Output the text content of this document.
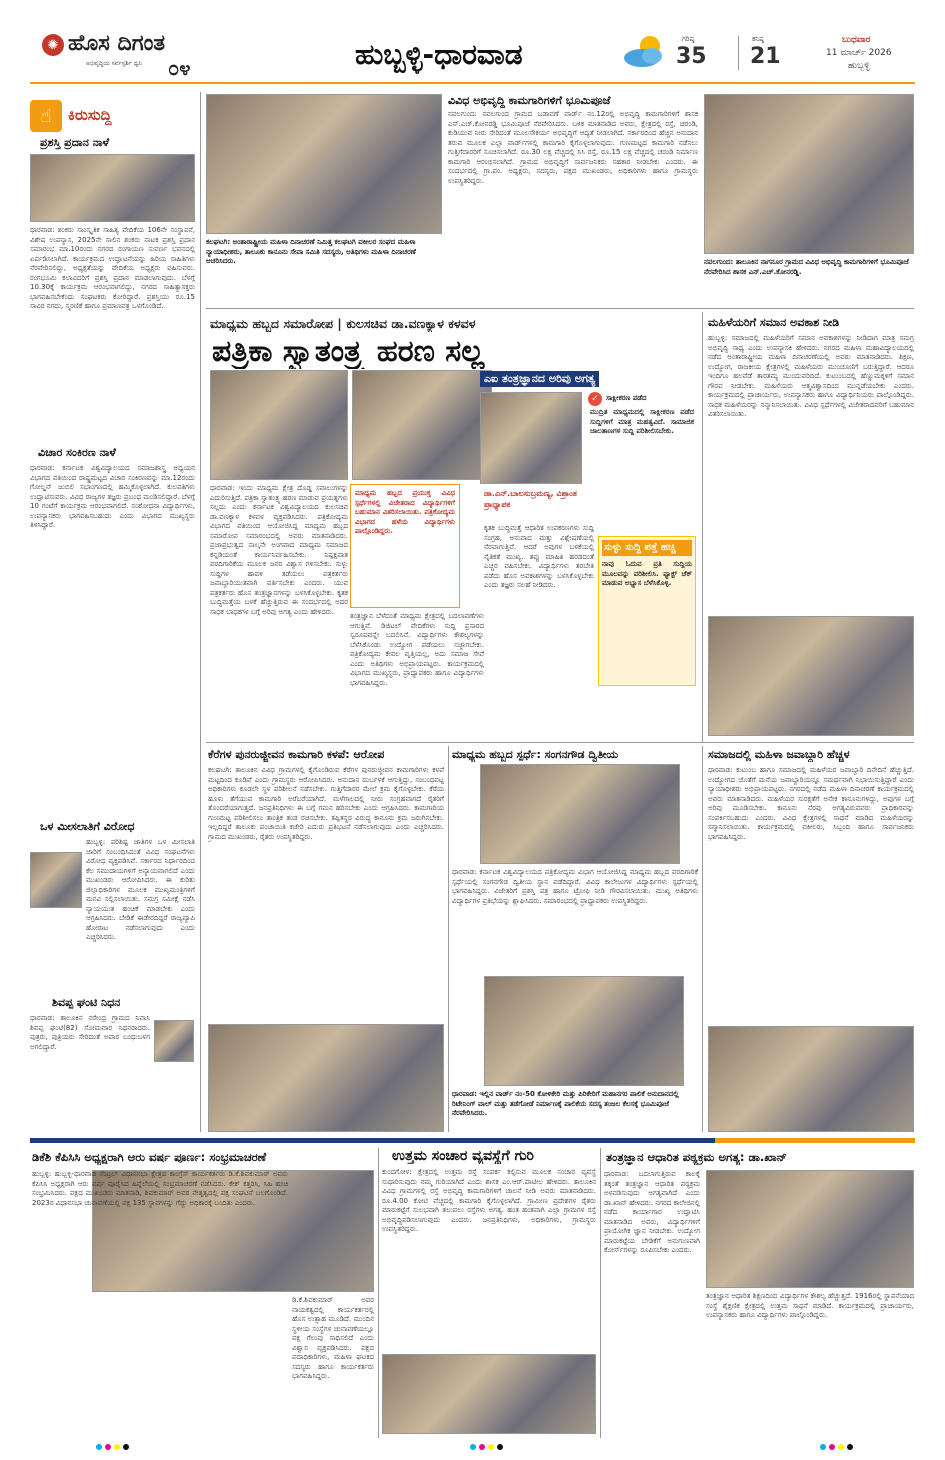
✺ ಹೊಸ ದಿಗಂತ
ಅಭಿವೃದ್ಧಿಯ ಸರ್ವಸ್ಪರ್ಶಿ ಧ್ವನಿ ೦೪	ಹುಬ್ಬಳ್ಳಿ-ಧಾರವಾಡ	ಗರಿಷ್ಠ
35
ಕನಿಷ್ಠ
21
ಬುಧವಾರ
11 ಮಾರ್ಚ್ 2026
ಹುಬ್ಬಳ್ಳಿ
☝	ಕಿರುಸುದ್ದಿ
ಪ್ರಶಸ್ತಿ ಪ್ರದಾನ ನಾಳೆ
ಧಾರವಾಡ: ಶಂಕರು ಸಾಂಸ್ಕೃತಿಕ ಸಾಹಿತ್ಯ ವೇದಿಕೆಯ 106ನೇ ಸಂಸ್ಥಾಪನೆ, ವಿಶೇಷ ಉಪನ್ಯಾಸ, 2025ನೇ ಸಾಲಿನ ಶಂಕರು ನಾಟಕ ಪ್ರಶಸ್ತಿ ಪ್ರದಾನ ಸಮಾರಂಭ ಮಾ.10ರಂದು ನಗರದ ರಂಗಾಯಣ ಸುವರ್ಣ ಭವನದಲ್ಲಿ ಏರ್ಪಡಿಸಲಾಗಿದೆ. ಕಾರ್ಯಕ್ರಮದ ಉದ್ಘಾಟನೆಯನ್ನು ಹಿರಿಯ ಸಾಹಿತಿಗಳು ನೆರವೇರಿಸಲಿದ್ದು, ಅಧ್ಯಕ್ಷತೆಯನ್ನು ವೇದಿಕೆಯ ಅಧ್ಯಕ್ಷರು ವಹಿಸುವರು. ರಂಗಭೂಮಿ ಕಲಾವಿದರಿಗೆ ಪ್ರಶಸ್ತಿ ಪ್ರದಾನ ಮಾಡಲಾಗುವುದು. ಬೆಳಗ್ಗೆ 10.30ಕ್ಕೆ ಕಾರ್ಯಕ್ರಮ ಆರಂಭವಾಗಲಿದ್ದು, ನಗರದ ಸಾಹಿತ್ಯಾಸಕ್ತರು ಭಾಗವಹಿಸಬೇಕೆಂದು ಸಂಘಟಕರು ಕೋರಿದ್ದಾರೆ. ಪ್ರಶಸ್ತಿಯು ರೂ.15 ಸಾವಿರ ನಗದು, ಸ್ಮರಣಿಕೆ ಹಾಗೂ ಪ್ರಮಾಣಪತ್ರ ಒಳಗೊಂಡಿದೆ.
ವಿಚಾರ ಸಂಕಿರಣ ನಾಳೆ
ಧಾರವಾಡ: ಕರ್ನಾಟಕ ವಿಶ್ವವಿದ್ಯಾಲಯದ ಸಮಾಜಶಾಸ್ತ್ರ ಅಧ್ಯಯನ ವಿಭಾಗದ ವತಿಯಿಂದ ರಾಷ್ಟ್ರಮಟ್ಟದ ವಿಚಾರ ಸಂಕಿರಣವನ್ನು ಮಾ.12ರಂದು ಗೋಲ್ಡನ್ ಜುಬಿಲಿ ಸಭಾಂಗಣದಲ್ಲಿ ಹಮ್ಮಿಕೊಳ್ಳಲಾಗಿದೆ. ಕುಲಪತಿಗಳು ಉದ್ಘಾಟಿಸುವರು. ವಿವಿಧ ರಾಜ್ಯಗಳ ತಜ್ಞರು ಪ್ರಬಂಧ ಮಂಡಿಸಲಿದ್ದಾರೆ. ಬೆಳಗ್ಗೆ 10 ಗಂಟೆಗೆ ಕಾರ್ಯಕ್ರಮ ಆರಂಭವಾಗಲಿದೆ. ಸಂಶೋಧನಾ ವಿದ್ಯಾರ್ಥಿಗಳು, ಉಪನ್ಯಾಸಕರು ಭಾಗವಹಿಸಬಹುದು ಎಂದು ವಿಭಾಗದ ಮುಖ್ಯಸ್ಥರು ತಿಳಿಸಿದ್ದಾರೆ.
ಒಳ ಮೀಸಲಾತಿಗೆ ವಿರೋಧ
ಹುಬ್ಬಳ್ಳಿ: ಪರಿಶಿಷ್ಟ ಜಾತಿಗಳ ಒಳ ಮೀಸಲಾತಿ ಜಾರಿಗೆ ಸಂಬಂಧಿಸಿದಂತೆ ವಿವಿಧ ಸಂಘಟನೆಗಳು ವಿರೋಧ ವ್ಯಕ್ತಪಡಿಸಿವೆ. ಸರ್ಕಾರದ ನಿರ್ಧಾರದಿಂದ ಕೆಲ ಸಮುದಾಯಗಳಿಗೆ ಅನ್ಯಾಯವಾಗಲಿದೆ ಎಂದು ಮುಖಂಡರು ಆರೋಪಿಸಿದರು. ಈ ಕುರಿತು ಜಿಲ್ಲಾಧಿಕಾರಿಗಳ ಮೂಲಕ ಮುಖ್ಯಮಂತ್ರಿಗಳಿಗೆ ಮನವಿ ಸಲ್ಲಿಸಲಾಯಿತು. ಸಮಗ್ರ ಸಮೀಕ್ಷೆ ನಡೆಸಿ ನ್ಯಾಯಯುತ ಹಂಚಿಕೆ ಮಾಡಬೇಕು ಎಂದು ಆಗ್ರಹಿಸಿದರು. ಬೇಡಿಕೆ ಈಡೇರದಿದ್ದರೆ ರಾಜ್ಯವ್ಯಾಪಿ ಹೋರಾಟ ನಡೆಸಲಾಗುವುದು ಎಂದು ಎಚ್ಚರಿಸಿದರು.
ಶಿವಪ್ಪ ಘಂಟಿ ನಿಧನ
ಧಾರವಾಡ: ತಾಲೂಕಿನ ನರೇಂದ್ರ ಗ್ರಾಮದ ನಿವಾಸಿ ಶಿವಪ್ಪ ಘಂಟಿ(82) ಸೋಮವಾರ ನಿಧನರಾದರು. ಪುತ್ರರು, ಪುತ್ರಿಯರು ಸೇರಿದಂತೆ ಅಪಾರ ಬಂಧುಬಳಗ ಅಗಲಿದ್ದಾರೆ.
ಕಲಘಟಗಿ: ಅಂತಾರಾಷ್ಟ್ರೀಯ ಮಹಿಳಾ ದಿನಾಚರಣೆ ನಿಮಿತ್ತ ಕಲಘಟಗಿ ವಕೀಲರ ಸಂಘದ ಮಹಿಳಾ ನ್ಯಾಯಾಧೀಶರು, ತಾಲೂಕು ಕಾನೂನು ಸೇವಾ ಸಮಿತಿ ಸದಸ್ಯರು, ಅತಿಥಿಗಳು ಮಹಿಳಾ ದಿನಾಚರಣೆ ಆಚರಿಸಿದರು.
ವಿವಿಧ ಅಭಿವೃದ್ಧಿ ಕಾಮಗಾರಿಗಳಿಗೆ ಭೂಮಿಪೂಜೆ
ನವಲಗುಂದ: ನವಲಗುಂದ ಗ್ರಾಮದ ಬಡಾವಣೆ ವಾರ್ಡ್ ನಂ.12ರಲ್ಲಿ ಅಭಿವೃದ್ಧಿ ಕಾಮಗಾರಿಗಳಿಗೆ ಶಾಸಕ ಎನ್.ಎಚ್.ಕೋನರಡ್ಡಿ ಭೂಮಿಪೂಜೆ ನೆರವೇರಿಸಿದರು. ಬಳಿಕ ಮಾತನಾಡಿದ ಅವರು, ಕ್ಷೇತ್ರದಲ್ಲಿ ರಸ್ತೆ, ಚರಂಡಿ, ಕುಡಿಯುವ ನೀರು ಸೇರಿದಂತೆ ಮೂಲಸೌಕರ್ಯ ಅಭಿವೃದ್ಧಿಗೆ ಆದ್ಯತೆ ನೀಡಲಾಗಿದೆ. ಸರ್ಕಾರದಿಂದ ಹೆಚ್ಚಿನ ಅನುದಾನ ತರುವ ಮೂಲಕ ಎಲ್ಲಾ ವಾರ್ಡ್‌ಗಳಲ್ಲಿ ಕಾಮಗಾರಿ ಕೈಗೊಳ್ಳಲಾಗುವುದು. ಗುಣಮಟ್ಟದ ಕಾಮಗಾರಿ ನಡೆಸಲು ಗುತ್ತಿಗೆದಾರರಿಗೆ ಸೂಚಿಸಲಾಗಿದೆ. ರೂ.30 ಲಕ್ಷ ವೆಚ್ಚದಲ್ಲಿ ಸಿಸಿ ರಸ್ತೆ, ರೂ.15 ಲಕ್ಷ ವೆಚ್ಚದಲ್ಲಿ ಚರಂಡಿ ನಿರ್ಮಾಣ ಕಾಮಗಾರಿ ಆರಂಭಿಸಲಾಗಿದೆ. ಗ್ರಾಮದ ಅಭಿವೃದ್ಧಿಗೆ ಸಾರ್ವಜನಿಕರು ಸಹಕಾರ ನೀಡಬೇಕು ಎಂದರು. ಈ ಸಂದರ್ಭದಲ್ಲಿ ಗ್ರಾ.ಪಂ. ಅಧ್ಯಕ್ಷರು, ಸದಸ್ಯರು, ಪಕ್ಷದ ಮುಖಂಡರು, ಅಧಿಕಾರಿಗಳು ಹಾಗೂ ಗ್ರಾಮಸ್ಥರು ಉಪಸ್ಥಿತರಿದ್ದರು.
ನವಲಗುಂದ: ತಾಲೂಕಿನ ನಾಗನೂರ ಗ್ರಾಮದ ವಿವಿಧ ಅಭಿವೃದ್ಧಿ ಕಾಮಗಾರಿಗಳಿಗೆ ಭೂಮಿಪೂಜೆ ನೆರವೇರಿಸಿದ ಶಾಸಕ ಎನ್.ಎಚ್.ಕೋನರಡ್ಡಿ.
ಮಾಧ್ಯಮ ಹಬ್ಬದ ಸಮಾರೋಪ | ಕುಲಸಚಿವ ಡಾ.ವಣಕ್ಯಾಳ ಕಳವಳ
ಪತ್ರಿಕಾ ಸ್ವಾತಂತ್ರ್ಯ ಹರಣ ಸಲ್ಲ
ಧಾರವಾಡ: ಇಂದು ಮಾಧ್ಯಮ ಕ್ಷೇತ್ರ ದೊಡ್ಡ ಸವಾಲುಗಳನ್ನು ಎದುರಿಸುತ್ತಿದೆ. ಪತ್ರಿಕಾ ಸ್ವಾತಂತ್ರ್ಯ ಹರಣ ಮಾಡುವ ಪ್ರಯತ್ನಗಳು ಸಲ್ಲದು ಎಂದು ಕರ್ನಾಟಕ ವಿಶ್ವವಿದ್ಯಾಲಯದ ಕುಲಸಚಿವ ಡಾ.ವಣಕ್ಯಾಳ ಕಳವಳ ವ್ಯಕ್ತಪಡಿಸಿದರು. ಪತ್ರಿಕೋದ್ಯಮ ವಿಭಾಗದ ವತಿಯಿಂದ ಆಯೋಜಿಸಿದ್ದ ಮಾಧ್ಯಮ ಹಬ್ಬದ ಸಮಾರೋಪ ಸಮಾರಂಭದಲ್ಲಿ ಅವರು ಮಾತನಾಡಿದರು. ಪ್ರಜಾಪ್ರಭುತ್ವದ ನಾಲ್ಕನೇ ಅಂಗವಾದ ಮಾಧ್ಯಮ ಸಮಾಜದ ಕನ್ನಡಿಯಂತೆ ಕಾರ್ಯನಿರ್ವಹಿಸಬೇಕು. ನಿಷ್ಪಕ್ಷಪಾತ ವರದಿಗಾರಿಕೆಯ ಮೂಲಕ ಜನರ ವಿಶ್ವಾಸ ಗಳಿಸಬೇಕು. ಸುಳ್ಳು ಸುದ್ದಿಗಳ ಹಾವಳಿ ತಡೆಯಲು ಪತ್ರಕರ್ತರು ಜವಾಬ್ದಾರಿಯುತವಾಗಿ ವರ್ತಿಸಬೇಕು ಎಂದರು. ಯುವ ಪತ್ರಕರ್ತರು ಹೊಸ ತಂತ್ರಜ್ಞಾನಗಳನ್ನು ಬಳಸಿಕೊಳ್ಳಬೇಕು. ಕೃತಕ ಬುದ್ಧಿಮತ್ತೆಯ ಬಳಕೆ ಹೆಚ್ಚುತ್ತಿರುವ ಈ ಸಂದರ್ಭದಲ್ಲಿ ಅದರ ಸಾಧಕ ಬಾಧಕಗಳ ಬಗ್ಗೆ ಅರಿವು ಅಗತ್ಯ ಎಂದು ಹೇಳಿದರು.
ಮಾಧ್ಯಮ ಹಬ್ಬದ ಪ್ರಯುಕ್ತ ವಿವಿಧ ಸ್ಪರ್ಧೆಗಳಲ್ಲಿ ವಿಜೇತರಾದ ವಿದ್ಯಾರ್ಥಿಗಳಿಗೆ ಬಹುಮಾನ ವಿತರಿಸಲಾಯಿತು. ಪತ್ರಿಕೋದ್ಯಮ ವಿಭಾಗದ ಹಳೆಯ ವಿದ್ಯಾರ್ಥಿಗಳು ಪಾಲ್ಗೊಂಡಿದ್ದರು.
ತಂತ್ರಜ್ಞಾನ ಬೆಳೆದಂತೆ ಮಾಧ್ಯಮ ಕ್ಷೇತ್ರದಲ್ಲಿ ಬದಲಾವಣೆಗಳು ಆಗುತ್ತಿವೆ. ಡಿಜಿಟಲ್ ವೇದಿಕೆಗಳು ಸುದ್ದಿ ಪ್ರಸಾರದ ಸ್ವರೂಪವನ್ನೇ ಬದಲಿಸಿವೆ. ವಿದ್ಯಾರ್ಥಿಗಳು ಕೌಶಲ್ಯಗಳನ್ನು ಬೆಳೆಸಿಕೊಂಡು ಉದ್ಯೋಗ ಪಡೆಯಲು ಸಜ್ಜಾಗಬೇಕು. ಪತ್ರಿಕೋದ್ಯಮ ಕೇವಲ ವೃತ್ತಿಯಲ್ಲ, ಅದು ಸಮಾಜ ಸೇವೆ ಎಂದು ಅತಿಥಿಗಳು ಅಭಿಪ್ರಾಯಪಟ್ಟರು. ಕಾರ್ಯಕ್ರಮದಲ್ಲಿ ವಿಭಾಗದ ಮುಖ್ಯಸ್ಥರು, ಪ್ರಾಧ್ಯಾಪಕರು ಹಾಗೂ ವಿದ್ಯಾರ್ಥಿಗಳು ಭಾಗವಹಿಸಿದ್ದರು.
ಎಐ ತಂತ್ರಜ್ಞಾನದ ಅರಿವು ಅಗತ್ಯ
✓	ಸಾಕ್ಷೀಕರಣ ಪಡೆದ
ಮುದ್ರಿತ ಮಾಧ್ಯಮದಲ್ಲಿ ಸಾಕ್ಷೀಕರಣ ಪಡೆದ ಸುದ್ದಿಗಳಿಗೆ ಮಾತ್ರ ಮಹತ್ವವಿದೆ. ಸಾಮಾಜಿಕ ಜಾಲತಾಣಗಳ ಸುದ್ದಿ ಪರಿಶೀಲಿಸಬೇಕು.
ಡಾ.ಎನ್.ಬಾಲಸುಬ್ರಮಣ್ಯ, ವಿಶ್ರಾಂತ ಪ್ರಾಧ್ಯಾಪಕ
ಕೃತಕ ಬುದ್ಧಿಮತ್ತೆ ಆಧಾರಿತ ಉಪಕರಣಗಳು ಸುದ್ದಿ ಸಂಗ್ರಹ, ಅನುವಾದ ಮತ್ತು ವಿಶ್ಲೇಷಣೆಯಲ್ಲಿ ನೆರವಾಗುತ್ತಿವೆ. ಆದರೆ ಅವುಗಳ ಬಳಕೆಯಲ್ಲಿ ನೈತಿಕತೆ ಮುಖ್ಯ. ತಪ್ಪು ಮಾಹಿತಿ ಹರಡದಂತೆ ಎಚ್ಚರ ವಹಿಸಬೇಕು. ವಿದ್ಯಾರ್ಥಿಗಳು ತರಬೇತಿ ಪಡೆದು ಹೊಸ ಅವಕಾಶಗಳನ್ನು ಬಳಸಿಕೊಳ್ಳಬೇಕು ಎಂದು ತಜ್ಞರು ಸಲಹೆ ನೀಡಿದರು.
ಸುಳ್ಳು ಸುದ್ದಿ ಪತ್ತೆ ಹಚ್ಚಿ
ನಾವು ಓದುವ ಪ್ರತಿ ಸುದ್ದಿಯ ಮೂಲವನ್ನು ಪರಿಶೀಲಿಸಿ. ಫ್ಯಾಕ್ಟ್ ಚೆಕ್ ಮಾಡುವ ಅಭ್ಯಾಸ ಬೆಳೆಸಿಕೊಳ್ಳಿ.
ಮಹಿಳೆಯರಿಗೆ ಸಮಾನ ಅವಕಾಶ ನೀಡಿ
ಹುಬ್ಬಳ್ಳಿ: ಸಮಾಜದಲ್ಲಿ ಮಹಿಳೆಯರಿಗೆ ಸಮಾನ ಅವಕಾಶಗಳನ್ನು ನೀಡಿದಾಗ ಮಾತ್ರ ಸಮಗ್ರ ಅಭಿವೃದ್ಧಿ ಸಾಧ್ಯ ಎಂದು ಉಪನ್ಯಾಸಕಿ ಹೇಳಿದರು. ನಗರದ ಮಹಿಳಾ ಮಹಾವಿದ್ಯಾಲಯದಲ್ಲಿ ನಡೆದ ಅಂತಾರಾಷ್ಟ್ರೀಯ ಮಹಿಳಾ ದಿನಾಚರಣೆಯಲ್ಲಿ ಅವರು ಮಾತನಾಡಿದರು. ಶಿಕ್ಷಣ, ಉದ್ಯೋಗ, ರಾಜಕೀಯ ಕ್ಷೇತ್ರಗಳಲ್ಲಿ ಮಹಿಳೆಯರು ಮುಂಚೂಣಿಗೆ ಬರುತ್ತಿದ್ದಾರೆ. ಆದರೂ ಇಂದಿಗೂ ಹಲವೆಡೆ ತಾರತಮ್ಯ ಮುಂದುವರಿದಿದೆ. ಕುಟುಂಬದಲ್ಲಿ ಹೆಣ್ಣುಮಕ್ಕಳಿಗೆ ಸಮಾನ ಗೌರವ ನೀಡಬೇಕು. ಮಹಿಳೆಯರು ಆತ್ಮವಿಶ್ವಾಸದಿಂದ ಮುನ್ನಡೆಯಬೇಕು ಎಂದರು. ಕಾರ್ಯಕ್ರಮದಲ್ಲಿ ಪ್ರಾಚಾರ್ಯರು, ಉಪನ್ಯಾಸಕರು ಹಾಗೂ ವಿದ್ಯಾರ್ಥಿನಿಯರು ಪಾಲ್ಗೊಂಡಿದ್ದರು. ಸಾಧಕ ಮಹಿಳೆಯರನ್ನು ಸನ್ಮಾನಿಸಲಾಯಿತು. ವಿವಿಧ ಸ್ಪರ್ಧೆಗಳಲ್ಲಿ ವಿಜೇತರಾದವರಿಗೆ ಬಹುಮಾನ ವಿತರಿಸಲಾಯಿತು.
ಕೆರೆಗಳ ಪುನರುಜ್ಜೀವನ ಕಾಮಗಾರಿ ಕಳಪೆ: ಆರೋಪ
ಕಲಘಟಗಿ: ತಾಲೂಕಿನ ವಿವಿಧ ಗ್ರಾಮಗಳಲ್ಲಿ ಕೈಗೊಂಡಿರುವ ಕೆರೆಗಳ ಪುನರುಜ್ಜೀವನ ಕಾಮಗಾರಿಗಳು ಕಳಪೆ ಮಟ್ಟದಿಂದ ಕೂಡಿವೆ ಎಂದು ಗ್ರಾಮಸ್ಥರು ಆರೋಪಿಸಿದರು. ಅನುದಾನ ದುರ್ಬಳಕೆ ಆಗುತ್ತಿದ್ದು, ಸಂಬಂಧಪಟ್ಟ ಅಧಿಕಾರಿಗಳು ಕೂಡಲೇ ಸ್ಥಳ ಪರಿಶೀಲನೆ ನಡೆಸಬೇಕು. ಗುತ್ತಿಗೆದಾರರ ಮೇಲೆ ಕ್ರಮ ಕೈಗೊಳ್ಳಬೇಕು. ಕೆರೆಯ ಹೂಳು ತೆಗೆಯುವ ಕಾಮಗಾರಿ ಅರೆಬರೆಯಾಗಿದೆ. ಮಳೆಗಾಲದಲ್ಲಿ ನೀರು ಸಂಗ್ರಹವಾಗದೆ ರೈತರಿಗೆ ತೊಂದರೆಯಾಗುತ್ತದೆ. ಜನಪ್ರತಿನಿಧಿಗಳು ಈ ಬಗ್ಗೆ ಗಮನ ಹರಿಸಬೇಕು ಎಂದು ಆಗ್ರಹಿಸಿದರು. ಕಾಮಗಾರಿಯ ಗುಣಮಟ್ಟ ಪರಿಶೀಲಿಸಲು ತಾಂತ್ರಿಕ ತಂಡ ರಚಿಸಬೇಕು. ತಪ್ಪಿತಸ್ಥರ ವಿರುದ್ಧ ಕಾನೂನು ಕ್ರಮ ಜರುಗಿಸಬೇಕು. ಇಲ್ಲದಿದ್ದರೆ ತಾಲೂಕು ಪಂಚಾಯಿತಿ ಕಚೇರಿ ಎದುರು ಪ್ರತಿಭಟನೆ ನಡೆಸಲಾಗುವುದು ಎಂದು ಎಚ್ಚರಿಸಿದರು. ಗ್ರಾಮದ ಮುಖಂಡರು, ರೈತರು ಉಪಸ್ಥಿತರಿದ್ದರು.
ಮಾಧ್ಯಮ ಹಬ್ಬದ ಸ್ಪರ್ಧೆ: ಸಂಗನಗೌಡ ದ್ವಿತೀಯ
ಧಾರವಾಡ: ಕರ್ನಾಟಕ ವಿಶ್ವವಿದ್ಯಾಲಯದ ಪತ್ರಿಕೋದ್ಯಮ ವಿಭಾಗ ಆಯೋಜಿಸಿದ್ದ ಮಾಧ್ಯಮ ಹಬ್ಬದ ವರದಿಗಾರಿಕೆ ಸ್ಪರ್ಧೆಯಲ್ಲಿ ಸಂಗನಗೌಡ ದ್ವಿತೀಯ ಸ್ಥಾನ ಪಡೆದಿದ್ದಾರೆ. ವಿವಿಧ ಕಾಲೇಜುಗಳ ವಿದ್ಯಾರ್ಥಿಗಳು ಸ್ಪರ್ಧೆಯಲ್ಲಿ ಭಾಗವಹಿಸಿದ್ದರು. ವಿಜೇತರಿಗೆ ಪ್ರಶಸ್ತಿ ಪತ್ರ ಹಾಗೂ ಟ್ರೋಫಿ ನೀಡಿ ಗೌರವಿಸಲಾಯಿತು. ಮುಖ್ಯ ಅತಿಥಿಗಳು ವಿದ್ಯಾರ್ಥಿಗಳ ಪ್ರತಿಭೆಯನ್ನು ಶ್ಲಾಘಿಸಿದರು. ಸಮಾರಂಭದಲ್ಲಿ ಪ್ರಾಧ್ಯಾಪಕರು ಉಪಸ್ಥಿತರಿದ್ದರು.
ಧಾರವಾಡ: ಇಲ್ಲಿನ ವಾರ್ಡ್ ನಂ-50 ಕೋಳಿಕೇರಿ ಮತ್ತು ಪಿರಿಕೇರಿಗೆ ಮಹಾನಗರ ಪಾಲಿಕೆ ಅನುದಾನದಲ್ಲಿ ರಿಟೇನಿಂಗ್ ವಾಲ್ ಮತ್ತು ತಡೆಗೋಡೆ ನಿರ್ಮಾಣಕ್ಕೆ ಪಾಲಿಕೆಯ ಸದಸ್ಯ ತಂಜಲ ಕೆಲಸಕ್ಕೆ ಭೂಮಿಪೂಜೆ ನೆರವೇರಿಸಿದರು.
ಸಮಾಜದಲ್ಲಿ ಮಹಿಳಾ ಜವಾಬ್ದಾರಿ ಹೆಚ್ಚಳ
ಧಾರವಾಡ: ಕುಟುಂಬ ಹಾಗೂ ಸಮಾಜದಲ್ಲಿ ಮಹಿಳೆಯರ ಜವಾಬ್ದಾರಿ ದಿನೇದಿನೆ ಹೆಚ್ಚುತ್ತಿದೆ. ಉದ್ಯೋಗದ ಜೊತೆಗೆ ಮನೆಯ ಜವಾಬ್ದಾರಿಯನ್ನೂ ಸಮರ್ಥವಾಗಿ ನಿಭಾಯಿಸುತ್ತಿದ್ದಾರೆ ಎಂದು ನ್ಯಾಯಾಧೀಶರು ಅಭಿಪ್ರಾಯಪಟ್ಟರು. ನಗರದಲ್ಲಿ ನಡೆದ ಮಹಿಳಾ ದಿನಾಚರಣೆ ಕಾರ್ಯಕ್ರಮದಲ್ಲಿ ಅವರು ಮಾತನಾಡಿದರು. ಮಹಿಳೆಯರ ಸುರಕ್ಷತೆಗೆ ಅನೇಕ ಕಾನೂನುಗಳಿದ್ದು, ಅವುಗಳ ಬಗ್ಗೆ ಅರಿವು ಮೂಡಿಸಬೇಕು. ಕಾನೂನು ನೆರವು ಅಗತ್ಯವಿರುವವರು ಪ್ರಾಧಿಕಾರವನ್ನು ಸಂಪರ್ಕಿಸಬಹುದು ಎಂದರು. ವಿವಿಧ ಕ್ಷೇತ್ರಗಳಲ್ಲಿ ಸಾಧನೆ ಮಾಡಿದ ಮಹಿಳೆಯರನ್ನು ಸನ್ಮಾನಿಸಲಾಯಿತು. ಕಾರ್ಯಕ್ರಮದಲ್ಲಿ ವಕೀಲರು, ಸಿಬ್ಬಂದಿ ಹಾಗೂ ಸಾರ್ವಜನಿಕರು ಭಾಗವಹಿಸಿದ್ದರು.
ಡಿಕೆಶಿ ಕೆಪಿಸಿಸಿ ಅಧ್ಯಕ್ಷರಾಗಿ ಆರು ವರ್ಷ ಪೂರ್ಣ: ಸಂಭ್ರಮಾಚರಣೆ
ಹುಬ್ಬಳ್ಳಿ: ಹುಬ್ಬಳ್ಳಿ-ಧಾರವಾಡ ಸೆಂಟ್ರಲ್ ವಿಧಾನಸಭಾ ಕ್ಷೇತ್ರದ ಕಾಂಗ್ರೆಸ್ ಕಾರ್ಯಕರ್ತರು ಡಿ.ಕೆ.ಶಿವಕುಮಾರ್ ಅವರು ಕೆಪಿಸಿಸಿ ಅಧ್ಯಕ್ಷರಾಗಿ ಆರು ವರ್ಷ ಪೂರೈಸಿದ ಹಿನ್ನೆಲೆಯಲ್ಲಿ ಸಂಭ್ರಮಾಚರಣೆ ನಡೆಸಿದರು. ಕೇಕ್ ಕತ್ತರಿಸಿ, ಸಿಹಿ ಹಂಚಿ ಸಂಭ್ರಮಿಸಿದರು. ಪಕ್ಷದ ಮುಖಂಡರು ಮಾತನಾಡಿ, ಶಿವಕುಮಾರ್ ಅವರ ನೇತೃತ್ವದಲ್ಲಿ ಪಕ್ಷ ಸಂಘಟನೆ ಬಲಗೊಂಡಿದೆ. 2023ರ ವಿಧಾನಸಭಾ ಚುನಾವಣೆಯಲ್ಲಿ ಪಕ್ಷ 135 ಸ್ಥಾನಗಳನ್ನು ಗೆದ್ದು ಅಧಿಕಾರಕ್ಕೆ ಬಂದಿತು ಎಂದರು.
ಡಿ.ಕೆ.ಶಿವಕುಮಾರ್ ಅವರ ನಾಯಕತ್ವದಲ್ಲಿ ಕಾರ್ಯಕರ್ತರಲ್ಲಿ ಹೊಸ ಉತ್ಸಾಹ ಮೂಡಿದೆ. ಮುಂದಿನ ಸ್ಥಳೀಯ ಸಂಸ್ಥೆಗಳ ಚುನಾವಣೆಯಲ್ಲೂ ಪಕ್ಷ ಗೆಲುವು ಸಾಧಿಸಲಿದೆ ಎಂದು ವಿಶ್ವಾಸ ವ್ಯಕ್ತಪಡಿಸಿದರು. ಪಕ್ಷದ ಪದಾಧಿಕಾರಿಗಳು, ಮಹಿಳಾ ಘಟಕದ ಸದಸ್ಯರು ಹಾಗೂ ಕಾರ್ಯಕರ್ತರು ಭಾಗವಹಿಸಿದ್ದರು.
ಉತ್ತಮ ಸಂಚಾರ ವ್ಯವಸ್ಥೆಗೆ ಗುರಿ
ಕುಂದಗೋಳ: ಕ್ಷೇತ್ರದಲ್ಲಿ ಉತ್ತಮ ರಸ್ತೆ ಸಂಪರ್ಕ ಕಲ್ಪಿಸುವ ಮೂಲಕ ಸಂಚಾರ ವ್ಯವಸ್ಥೆ ಸುಧಾರಿಸುವುದು ನಮ್ಮ ಗುರಿಯಾಗಿದೆ ಎಂದು ಶಾಸಕ ಎಂ.ಆರ್.ಪಾಟೀಲ ಹೇಳಿದರು. ತಾಲೂಕಿನ ವಿವಿಧ ಗ್ರಾಮಗಳಲ್ಲಿ ರಸ್ತೆ ಅಭಿವೃದ್ಧಿ ಕಾಮಗಾರಿಗಳಿಗೆ ಚಾಲನೆ ನೀಡಿ ಅವರು ಮಾತನಾಡಿದರು. ರೂ.4.00 ಕೋಟಿ ವೆಚ್ಚದಲ್ಲಿ ಕಾಮಗಾರಿ ಕೈಗೊಳ್ಳಲಾಗಿದೆ. ಗ್ರಾಮೀಣ ಪ್ರದೇಶಗಳ ರೈತರು ಮಾರುಕಟ್ಟೆಗೆ ಸುಲಭವಾಗಿ ತಲುಪಲು ರಸ್ತೆಗಳು ಅಗತ್ಯ. ಹಂತ ಹಂತವಾಗಿ ಎಲ್ಲಾ ಗ್ರಾಮಗಳ ರಸ್ತೆ ಅಭಿವೃದ್ಧಿಪಡಿಸಲಾಗುವುದು ಎಂದರು. ಜನಪ್ರತಿನಿಧಿಗಳು, ಅಧಿಕಾರಿಗಳು, ಗ್ರಾಮಸ್ಥರು ಉಪಸ್ಥಿತರಿದ್ದರು.
ತಂತ್ರಜ್ಞಾನ ಆಧಾರಿತ ಪಠ್ಯಕ್ರಮ ಅಗತ್ಯ: ಡಾ.ಖಾನ್
ಧಾರವಾಡ: ಬದಲಾಗುತ್ತಿರುವ ಕಾಲಕ್ಕೆ ತಕ್ಕಂತೆ ತಂತ್ರಜ್ಞಾನ ಆಧಾರಿತ ಪಠ್ಯಕ್ರಮ ಅಳವಡಿಸುವುದು ಅಗತ್ಯವಾಗಿದೆ ಎಂದು ಡಾ.ಖಾನ್ ಹೇಳಿದರು. ನಗರದ ಕಾಲೇಜಿನಲ್ಲಿ ನಡೆದ ಕಾರ್ಯಾಗಾರ ಉದ್ಘಾಟಿಸಿ ಮಾತನಾಡಿದ ಅವರು, ವಿದ್ಯಾರ್ಥಿಗಳಿಗೆ ಪ್ರಾಯೋಗಿಕ ಜ್ಞಾನ ನೀಡಬೇಕು. ಉದ್ಯೋಗ ಮಾರುಕಟ್ಟೆಯ ಬೇಡಿಕೆಗೆ ಅನುಗುಣವಾಗಿ ಕೋರ್ಸ್‌ಗಳನ್ನು ರೂಪಿಸಬೇಕು ಎಂದರು.
ತಂತ್ರಜ್ಞಾನ ಆಧಾರಿತ ಶಿಕ್ಷಣದಿಂದ ವಿದ್ಯಾರ್ಥಿಗಳ ಕೌಶಲ್ಯ ಹೆಚ್ಚುತ್ತದೆ. 1916ರಲ್ಲಿ ಸ್ಥಾಪನೆಯಾದ ಸಂಸ್ಥೆ ಶೈಕ್ಷಣಿಕ ಕ್ಷೇತ್ರದಲ್ಲಿ ಉತ್ತಮ ಸಾಧನೆ ಮಾಡಿದೆ. ಕಾರ್ಯಕ್ರಮದಲ್ಲಿ ಪ್ರಾಚಾರ್ಯರು, ಉಪನ್ಯಾಸಕರು ಹಾಗೂ ವಿದ್ಯಾರ್ಥಿಗಳು ಪಾಲ್ಗೊಂಡಿದ್ದರು.
